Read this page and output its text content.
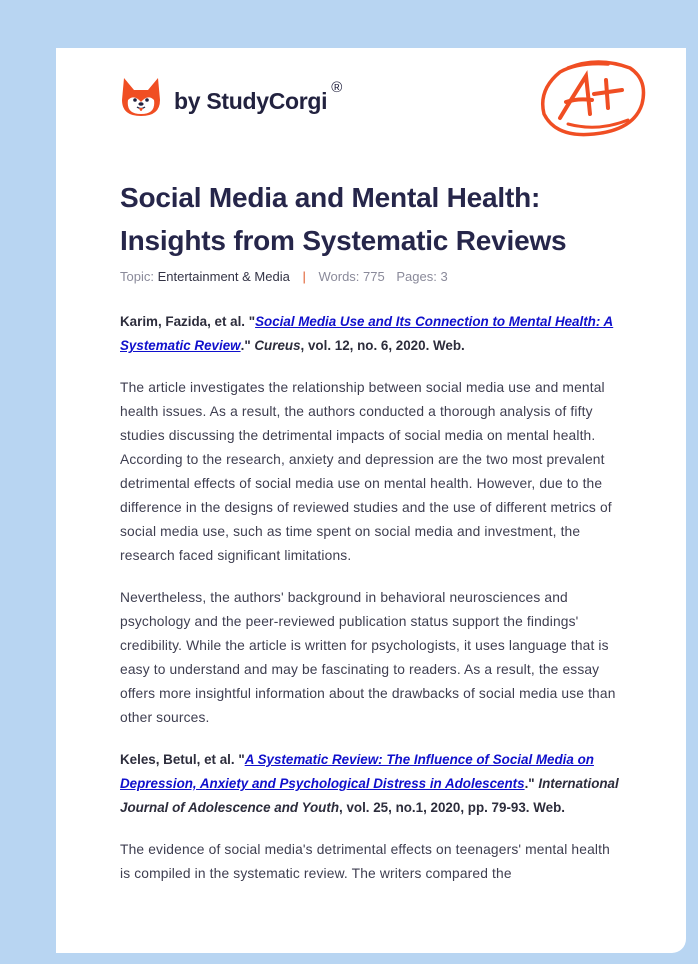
by StudyCorgi
®
Social Media and Mental Health:
Insights from Systematic Reviews
Topic: Entertainment & Media | Words: 775 Pages: 3
Karim, Fazida, et al. "Social Media Use and Its Connection to Mental Health: A Systematic Review." Cureus, vol. 12, no. 6, 2020. Web.

The article investigates the relationship between social media use and mental health issues. As a result, the authors conducted a thorough analysis of fifty studies discussing the detrimental impacts of social media on mental health. According to the research, anxiety and depression are the two most prevalent detrimental effects of social media use on mental health. However, due to the difference in the designs of reviewed studies and the use of different metrics of social media use, such as time spent on social media and investment, the research faced significant limitations.

Nevertheless, the authors' background in behavioral neurosciences and psychology and the peer-reviewed publication status support the findings' credibility. While the article is written for psychologists, it uses language that is easy to understand and may be fascinating to readers. As a result, the essay offers more insightful information about the drawbacks of social media use than other sources.

Keles, Betul, et al. "A Systematic Review: The Influence of Social Media on Depression, Anxiety and Psychological Distress in Adolescents." International Journal of Adolescence and Youth, vol. 25, no.1, 2020, pp. 79-93. Web.

The evidence of social media's detrimental effects on teenagers' mental health is compiled in the systematic review. The writers compared the
